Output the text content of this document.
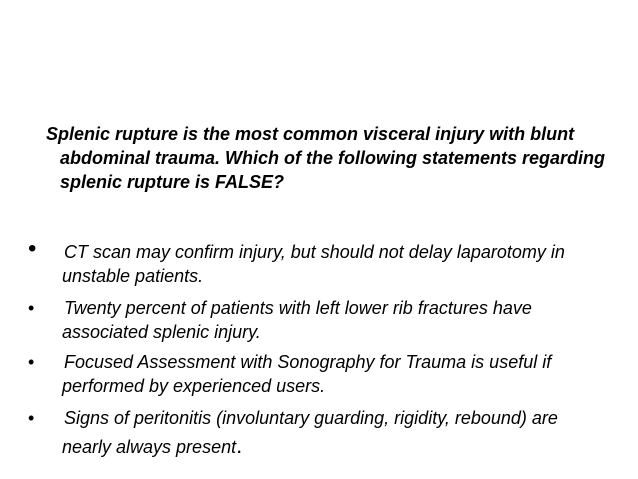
Splenic rupture is the most common visceral injury with blunt abdominal trauma. Which of the following statements regarding splenic rupture is FALSE?
• CT scan may confirm injury, but should not delay laparotomy in unstable patients.
• Twenty percent of patients with left lower rib fractures have associated splenic injury.
• Focused Assessment with Sonography for Trauma is useful if performed by experienced users.
• Signs of peritonitis (involuntary guarding, rigidity, rebound) are nearly always present.
